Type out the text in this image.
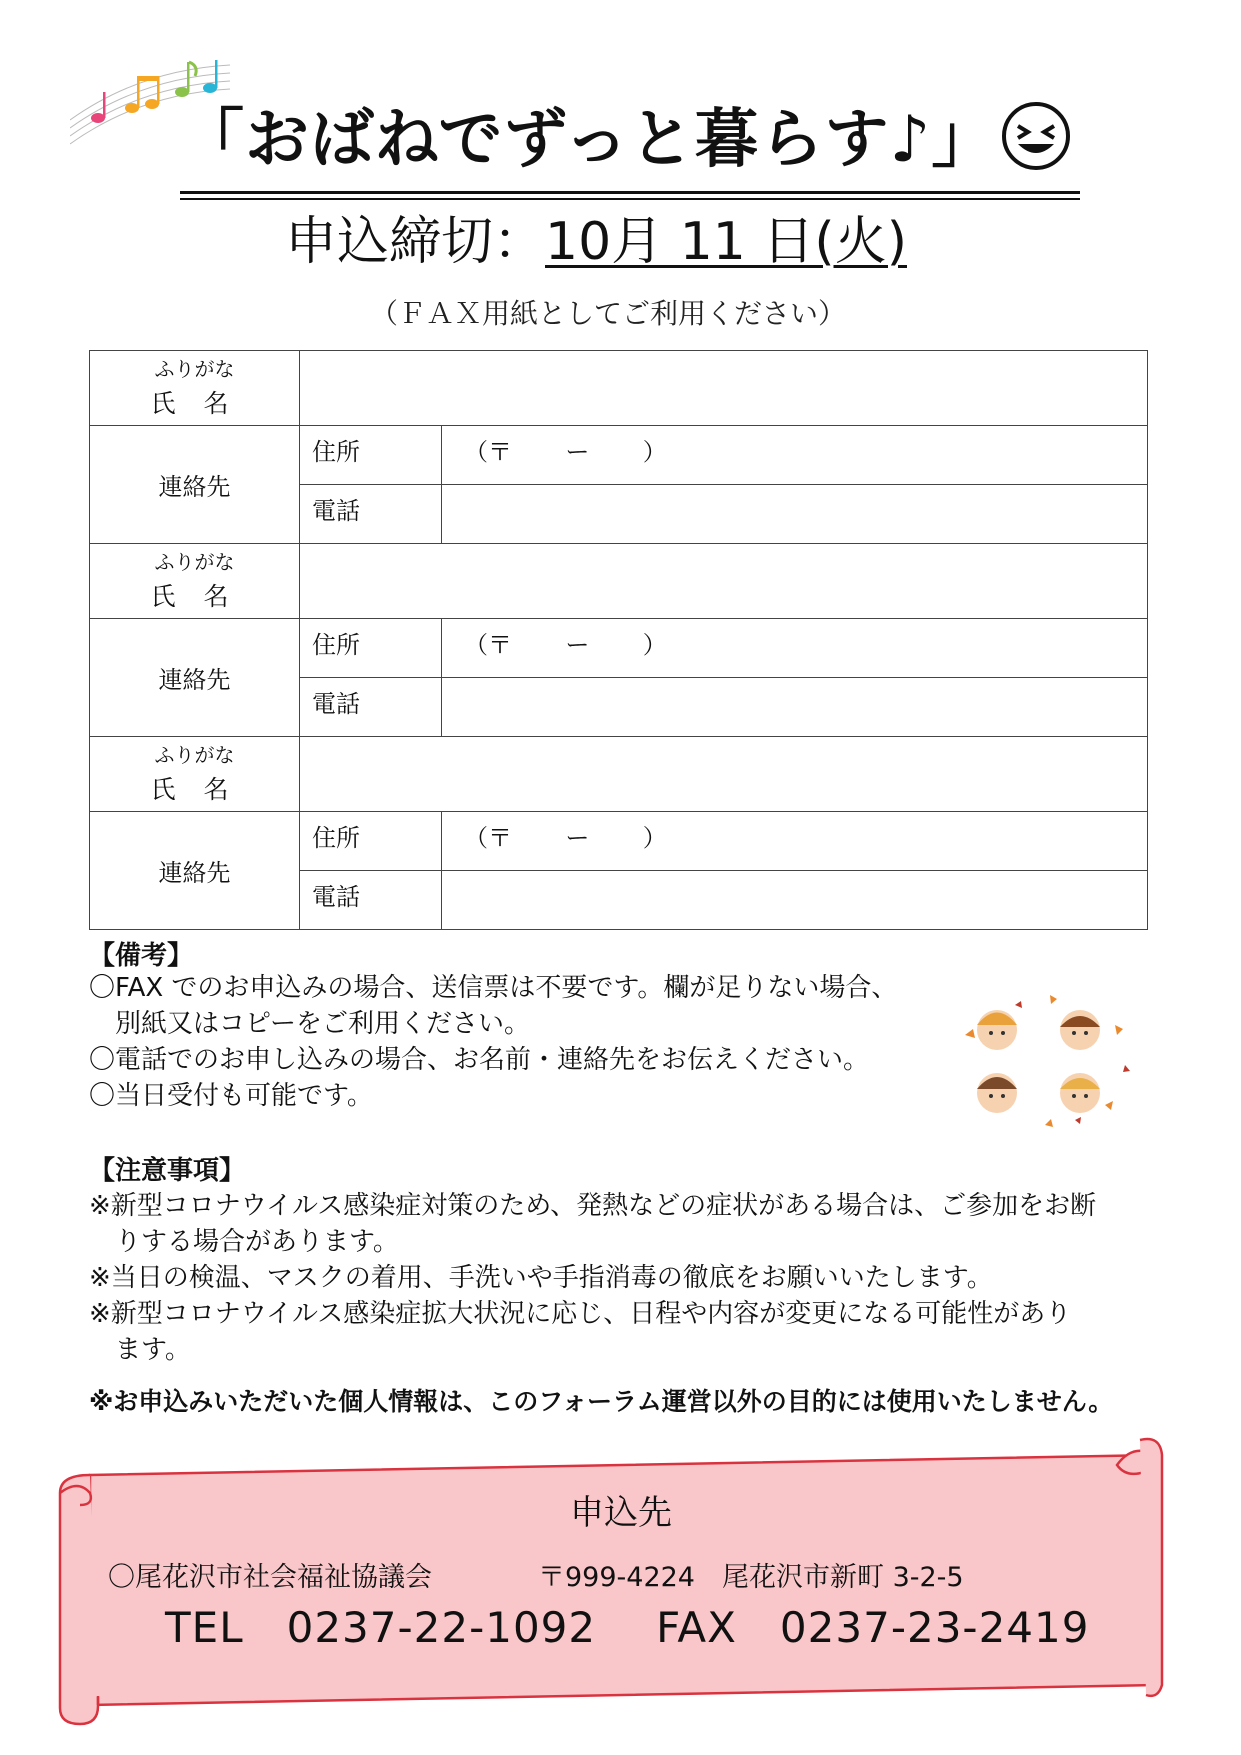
「おばねでずっと暮らす♪」
申込締切：10月 11 日(火)
（ＦＡＸ用紙としてご利用ください）
ふりがな
氏 名		

連絡先	住所	（〒       ー       ）
	電話	

ふりがな
氏 名		

連絡先	住所	（〒       ー       ）
	電話	

ふりがな
氏 名		

連絡先	住所	（〒       ー       ）
	電話	
【備考】
〇FAX でのお申込みの場合、送信票は不要です。欄が足りない場合、
　別紙又はコピーをご利用ください。
〇電話でのお申し込みの場合、お名前・連絡先をお伝えください。
〇当日受付も可能です。
【注意事項】
※新型コロナウイルス感染症対策のため、発熱などの症状がある場合は、ご参加をお断
　りする場合があります。
※当日の検温、マスクの着用、手洗いや手指消毒の徹底をお願いいたします。
※新型コロナウイルス感染症拡大状況に応じ、日程や内容が変更になる可能性があり
　ます。
※お申込みいただいた個人情報は、このフォーラム運営以外の目的には使用いたしません。
申込先
〇尾花沢市社会福祉協議会	〒999-4224　尾花沢市新町 3-2-5
TEL　0237-22-1092 FAX　0237-23-2419
